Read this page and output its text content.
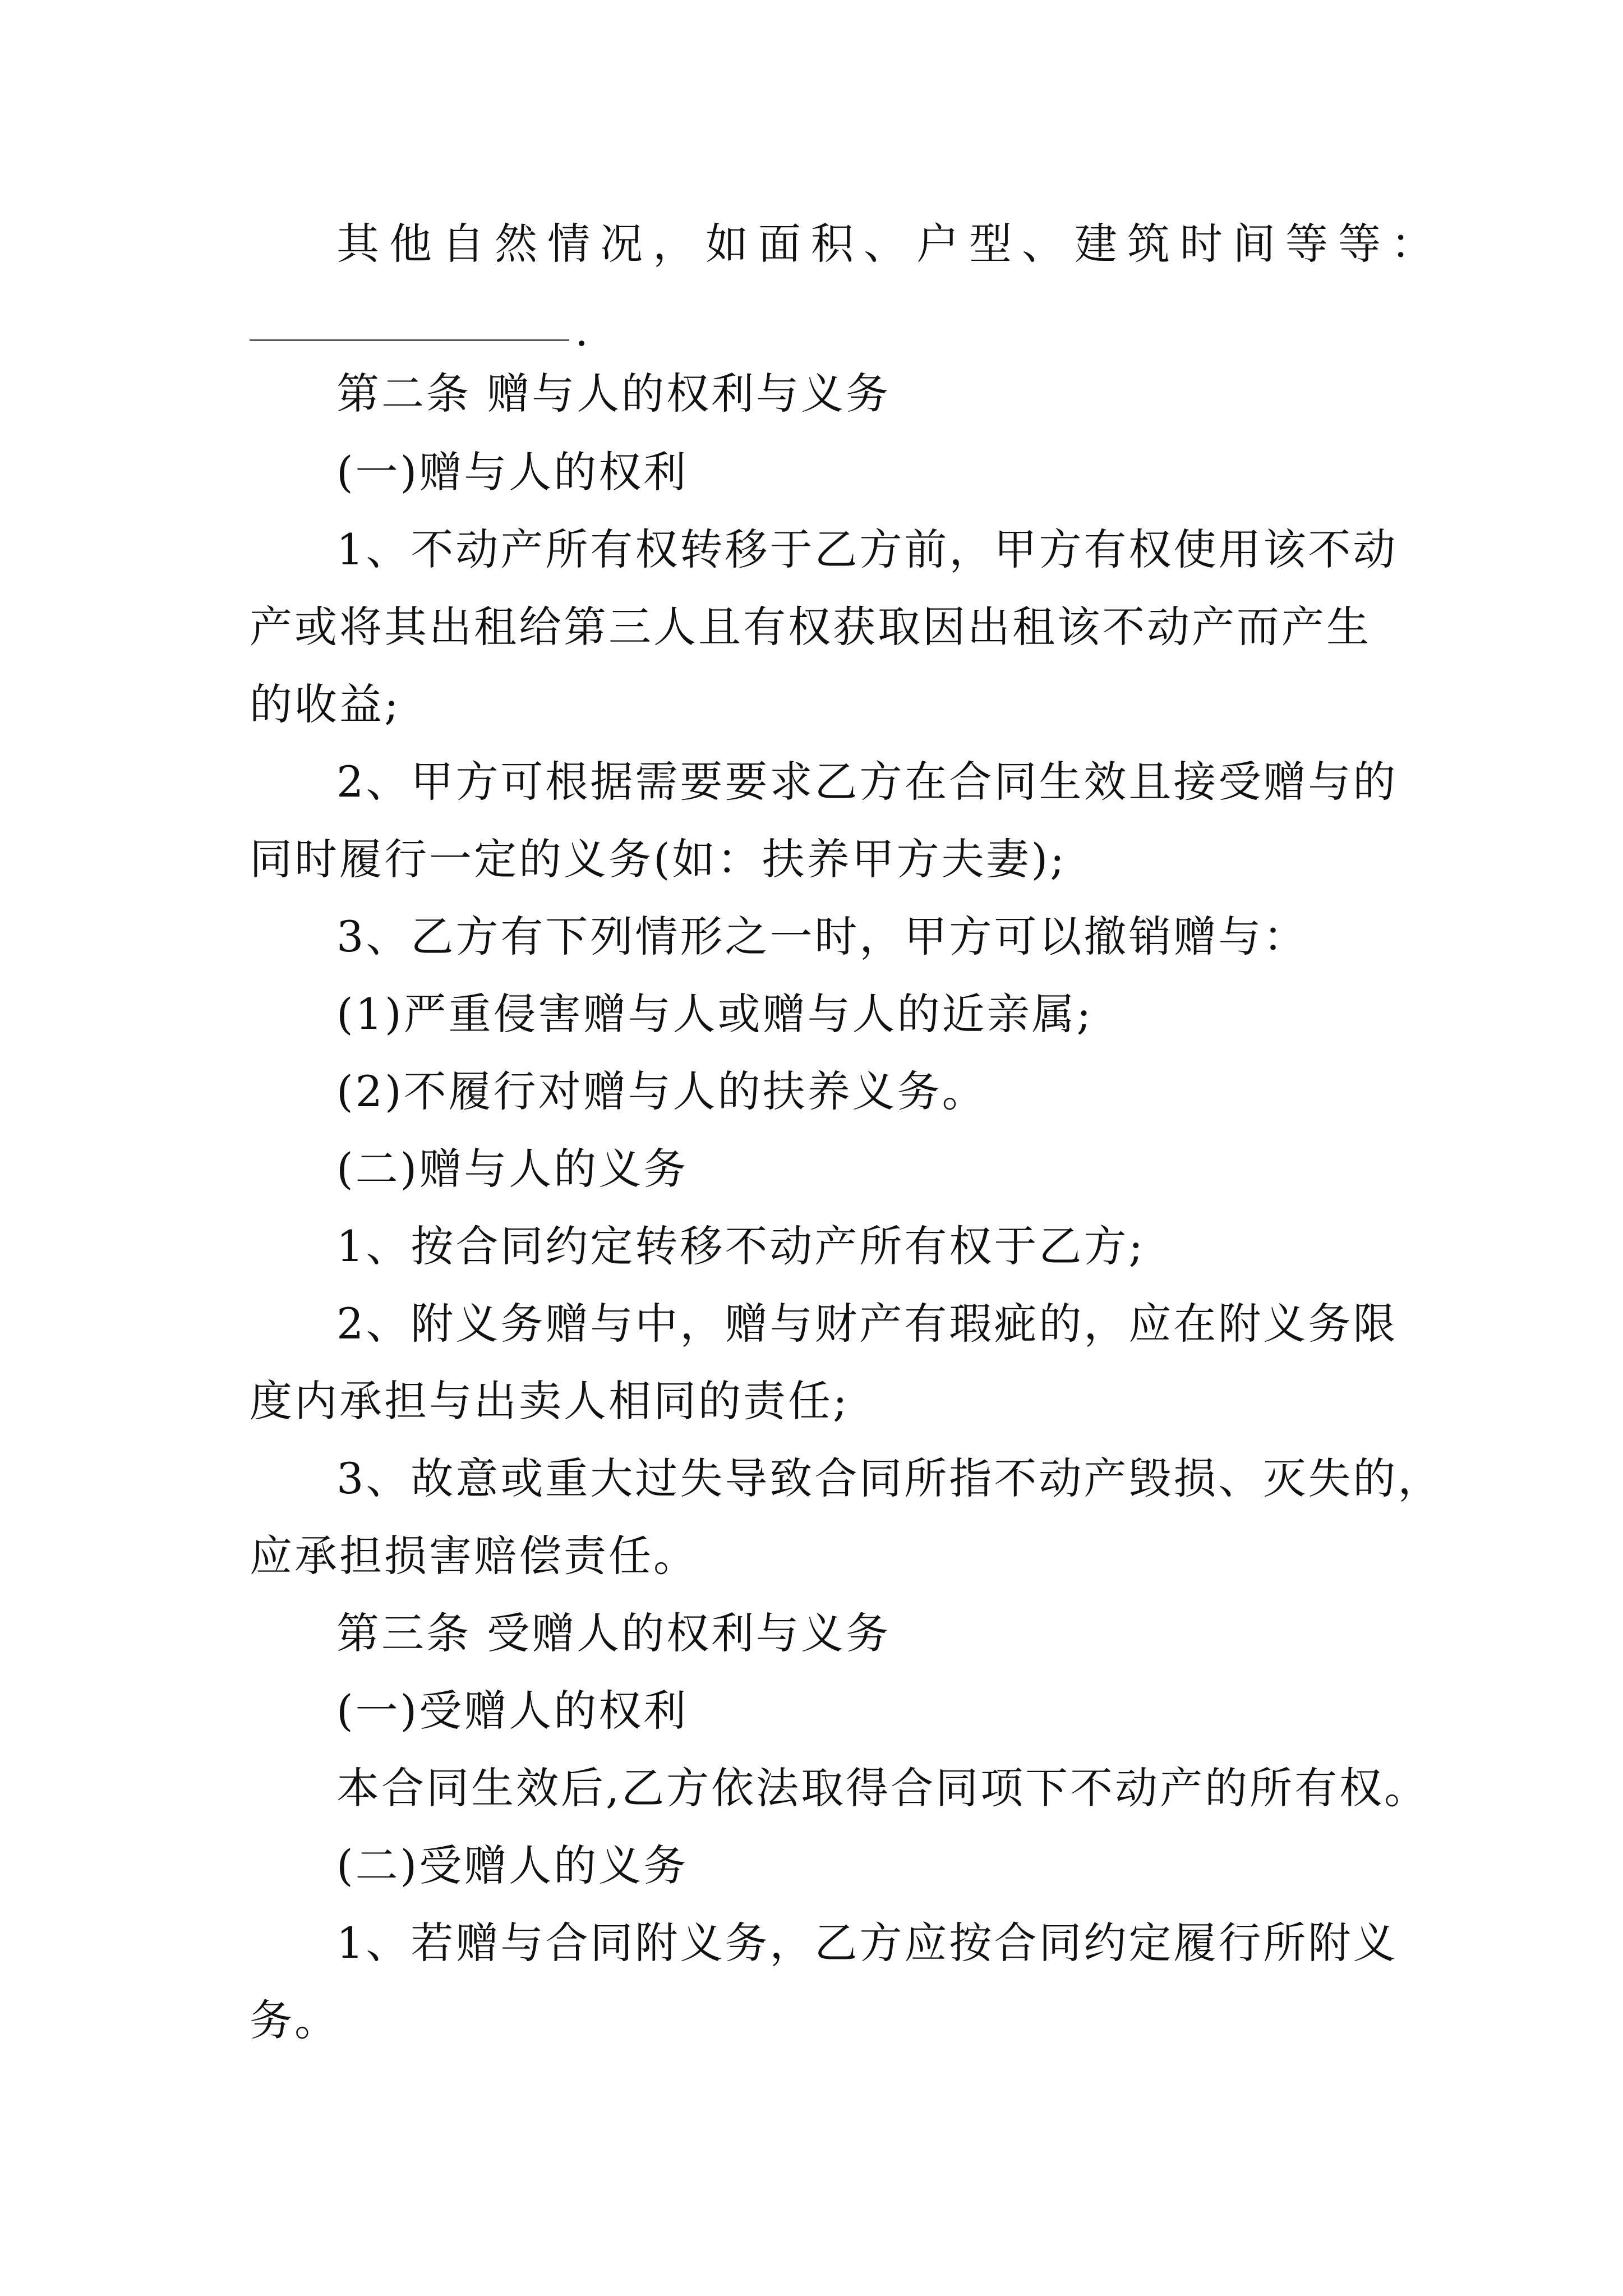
其他自然情况，如面积、户型、建筑时间等等：
.
第二条 赠与人的权利与义务
(一)赠与人的权利
1、不动产所有权转移于乙方前，甲方有权使用该不动
产或将其出租给第三人且有权获取因出租该不动产而产生
的收益;
2、甲方可根据需要要求乙方在合同生效且接受赠与的
同时履行一定的义务(如：扶养甲方夫妻);
3、乙方有下列情形之一时，甲方可以撤销赠与：
(1)严重侵害赠与人或赠与人的近亲属;
(2)不履行对赠与人的扶养义务。
(二)赠与人的义务
1、按合同约定转移不动产所有权于乙方;
2、附义务赠与中，赠与财产有瑕疵的，应在附义务限
度内承担与出卖人相同的责任;
3、故意或重大过失导致合同所指不动产毁损、灭失的，
应承担损害赔偿责任。
第三条 受赠人的权利与义务
(一)受赠人的权利
本合同生效后,乙方依法取得合同项下不动产的所有权。
(二)受赠人的义务
1、若赠与合同附义务，乙方应按合同约定履行所附义
务。
